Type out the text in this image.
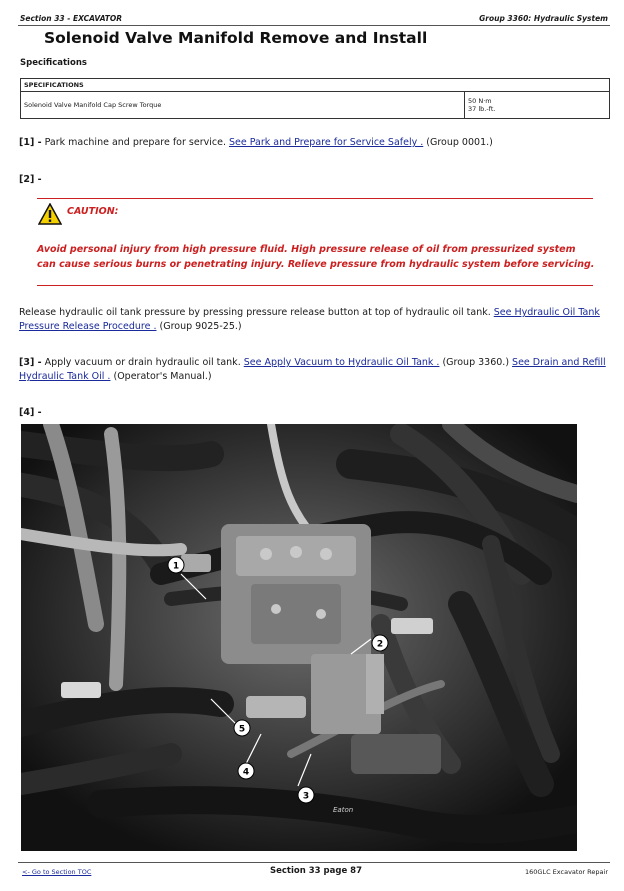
Section 33 - EXCAVATOR	Group 3360: Hydraulic System
Solenoid Valve Manifold Remove and Install
Specifications
SPECIFICATIONS
Solenoid Valve Manifold Cap Screw Torque	50 N·m
37 lb.-ft.
[1] - Park machine and prepare for service. See Park and Prepare for Service Safely . (Group 0001.)
[2] -
CAUTION:
Avoid personal injury from high pressure fluid. High pressure release of oil from pressurized system can cause serious burns or penetrating injury. Relieve pressure from hydraulic system before servicing.
Release hydraulic oil tank pressure by pressing pressure release button at top of hydraulic oil tank. See Hydraulic Oil Tank Pressure Release Procedure . (Group 9025-25.)
[3] - Apply vacuum or drain hydraulic oil tank. See Apply Vacuum to Hydraulic Oil Tank . (Group 3360.) See Drain and Refill Hydraulic Tank Oil . (Operator's Manual.)
[4] -
1
2
3
4
5
Eaton
<- Go to Section TOC	Section 33 page 87	160GLC Excavator Repair
